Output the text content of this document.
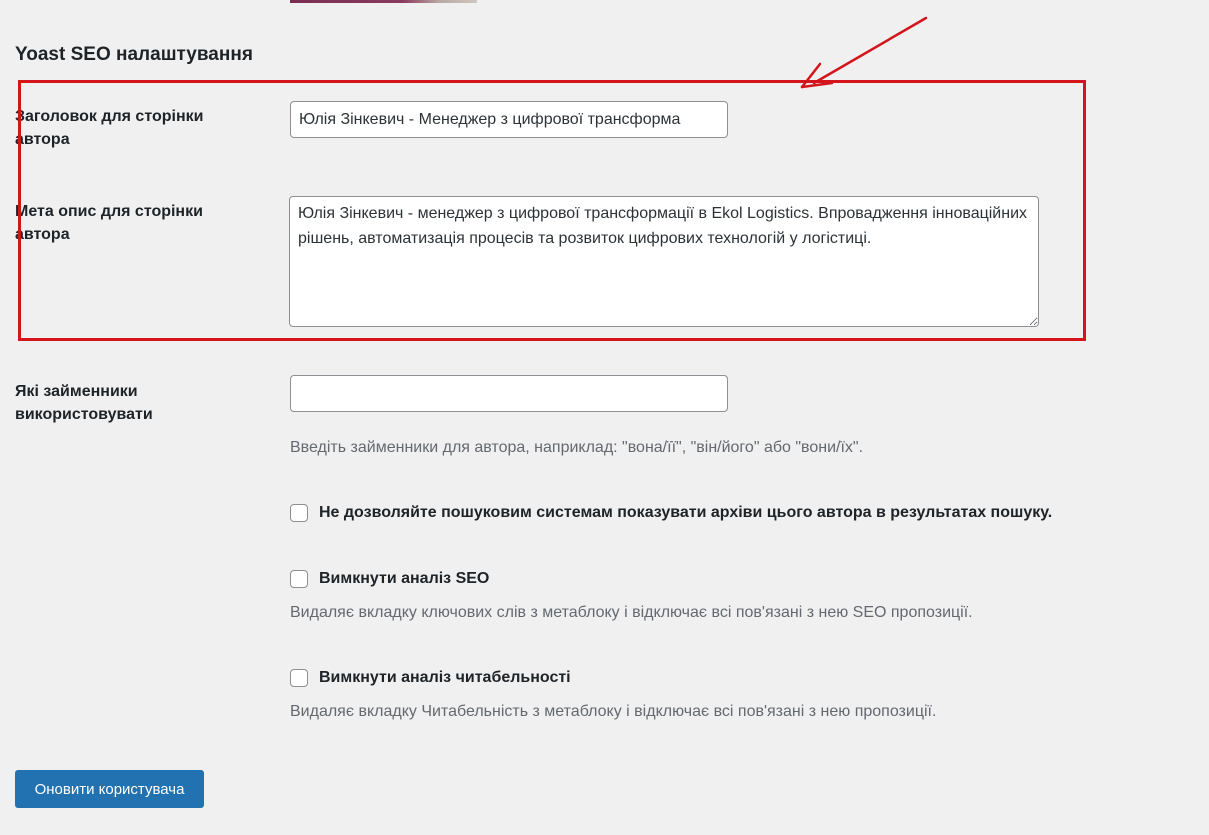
Yoast SEO налаштування
Заголовок для сторінки автора
Юлія Зінкевич - Менеджер з цифрової трансформа
Мета опис для сторінки автора
Юлія Зінкевич - менеджер з цифрової трансформації в Ekol Logistics. Впровадження інноваційних рішень, автоматизація процесів та розвиток цифрових технологій у логістиці.
Які займенники використовувати
Введіть займенники для автора, наприклад: "вона/її", "він/його" або "вони/їх".
Не дозволяйте пошуковим системам показувати архіви цього автора в результатах пошуку.
Вимкнути аналіз SEO
Видаляє вкладку ключових слів з метаблоку і відключає всі пов'язані з нею SEO пропозиції.
Вимкнути аналіз читабельності
Видаляє вкладку Читабельність з метаблоку і відключає всі пов'язані з нею пропозиції.
Оновити користувача
